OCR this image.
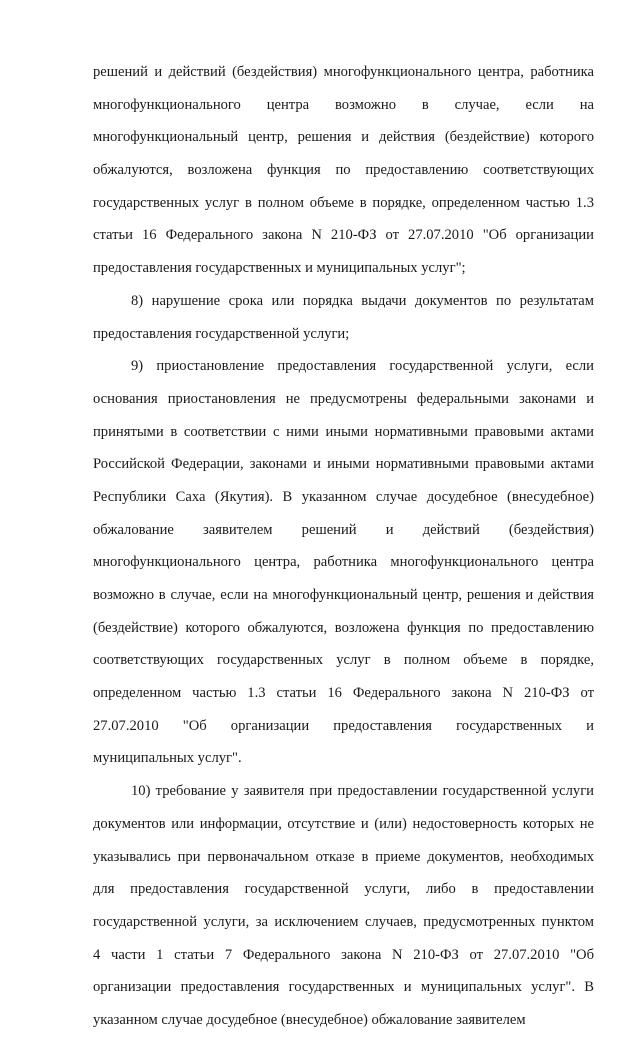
решений и действий (бездействия) многофункционального центра, работника
многофункционального центра возможно в случае, если на
многофункциональный центр, решения и действия (бездействие) которого
обжалуются, возложена функция по предоставлению соответствующих
государственных услуг в полном объеме в порядке, определенном частью 1.3
статьи 16 Федерального закона N 210-ФЗ от 27.07.2010 "Об организации
предоставления государственных и муниципальных услуг";
8) нарушение срока или порядка выдачи документов по результатам
предоставления государственной услуги;
9) приостановление предоставления государственной услуги, если
основания приостановления не предусмотрены федеральными законами и
принятыми в соответствии с ними иными нормативными правовыми актами
Российской Федерации, законами и иными нормативными правовыми актами
Республики Саха (Якутия). В указанном случае досудебное (внесудебное)
обжалование заявителем решений и действий (бездействия)
многофункционального центра, работника многофункционального центра
возможно в случае, если на многофункциональный центр, решения и действия
(бездействие) которого обжалуются, возложена функция по предоставлению
соответствующих государственных услуг в полном объеме в порядке,
определенном частью 1.3 статьи 16 Федерального закона N 210-ФЗ от
27.07.2010 "Об организации предоставления государственных и
муниципальных услуг".
10) требование у заявителя при предоставлении государственной услуги
документов или информации, отсутствие и (или) недостоверность которых не
указывались при первоначальном отказе в приеме документов, необходимых
для предоставления государственной услуги, либо в предоставлении
государственной услуги, за исключением случаев, предусмотренных пунктом
4 части 1 статьи 7 Федерального закона N 210-ФЗ от 27.07.2010 "Об
организации предоставления государственных и муниципальных услуг". В
указанном случае досудебное (внесудебное) обжалование заявителем
